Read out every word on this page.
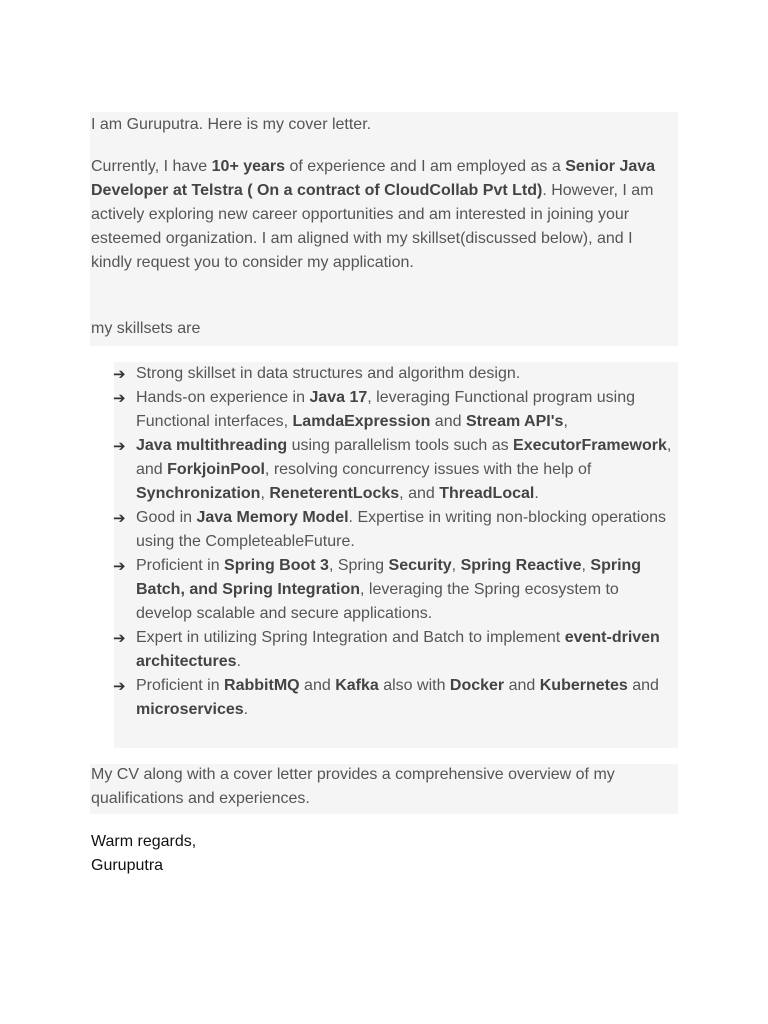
I am Guruputra. Here is my cover letter.

Currently, I have 10+ years of experience and I am employed as a Senior Java Developer at Telstra ( On a contract of CloudCollab Pvt Ltd). However, I am actively exploring new career opportunities and am interested in joining your esteemed organization. I am aligned with my skillset(discussed below), and I kindly request you to consider my application.

my skillsets are

➔ Strong skillset in data structures and algorithm design.
➔ Hands-on experience in Java 17, leveraging Functional program using Functional interfaces, LamdaExpression and Stream API's,
➔ Java multithreading using parallelism tools such as ExecutorFramework, and ForkjoinPool, resolving concurrency issues with the help of Synchronization, ReneterentLocks, and ThreadLocal.
➔ Good in Java Memory Model. Expertise in writing non-blocking operations using the CompleteableFuture.
➔ Proficient in Spring Boot 3, Spring Security, Spring Reactive, Spring Batch, and Spring Integration, leveraging the Spring ecosystem to develop scalable and secure applications.
➔ Expert in utilizing Spring Integration and Batch to implement event-driven architectures.
➔ Proficient in RabbitMQ and Kafka also with Docker and Kubernetes and microservices.

My CV along with a cover letter provides a comprehensive overview of my qualifications and experiences.

Warm regards,
Guruputra
